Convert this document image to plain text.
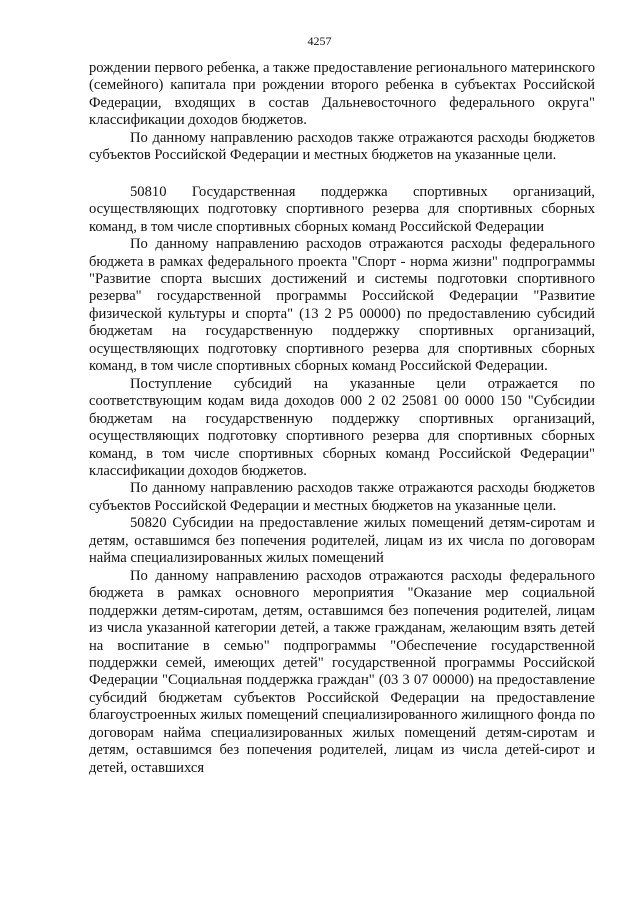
4257

рождении первого ребенка, а также предоставление регионального материнского (семейного) капитала при рождении второго ребенка в субъектах Российской Федерации, входящих в состав Дальневосточного федерального округа" классификации доходов бюджетов.

По данному направлению расходов также отражаются расходы бюджетов субъектов Российской Федерации и местных бюджетов на указанные цели.

50810 Государственная поддержка спортивных организаций, осуществляющих подготовку спортивного резерва для спортивных сборных команд, в том числе спортивных сборных команд Российской Федерации

По данному направлению расходов отражаются расходы федерального бюджета в рамках федерального проекта "Спорт - норма жизни" подпрограммы "Развитие спорта высших достижений и системы подготовки спортивного резерва" государственной программы Российской Федерации "Развитие физической культуры и спорта" (13 2 Р5 00000) по предоставлению субсидий бюджетам на государственную поддержку спортивных организаций, осуществляющих подготовку спортивного резерва для спортивных сборных команд, в том числе спортивных сборных команд Российской Федерации.

Поступление субсидий на указанные цели отражается по соответствующим кодам вида доходов 000 2 02 25081 00 0000 150 "Субсидии бюджетам на государственную поддержку спортивных организаций, осуществляющих подготовку спортивного резерва для спортивных сборных команд, в том числе спортивных сборных команд Российской Федерации" классификации доходов бюджетов.

По данному направлению расходов также отражаются расходы бюджетов субъектов Российской Федерации и местных бюджетов на указанные цели.

50820 Субсидии на предоставление жилых помещений детям-сиротам и детям, оставшимся без попечения родителей, лицам из их числа по договорам найма специализированных жилых помещений

По данному направлению расходов отражаются расходы федерального бюджета в рамках основного мероприятия "Оказание мер социальной поддержки детям-сиротам, детям, оставшимся без попечения родителей, лицам из числа указанной категории детей, а также гражданам, желающим взять детей на воспитание в семью" подпрограммы "Обеспечение государственной поддержки семей, имеющих детей" государственной программы Российской Федерации "Социальная поддержка граждан" (03 3 07 00000) на предоставление субсидий бюджетам субъектов Российской Федерации на предоставление благоустроенных жилых помещений специализированного жилищного фонда по договорам найма специализированных жилых помещений детям-сиротам и детям, оставшимся без попечения родителей, лицам из числа детей-сирот и детей, оставшихся
